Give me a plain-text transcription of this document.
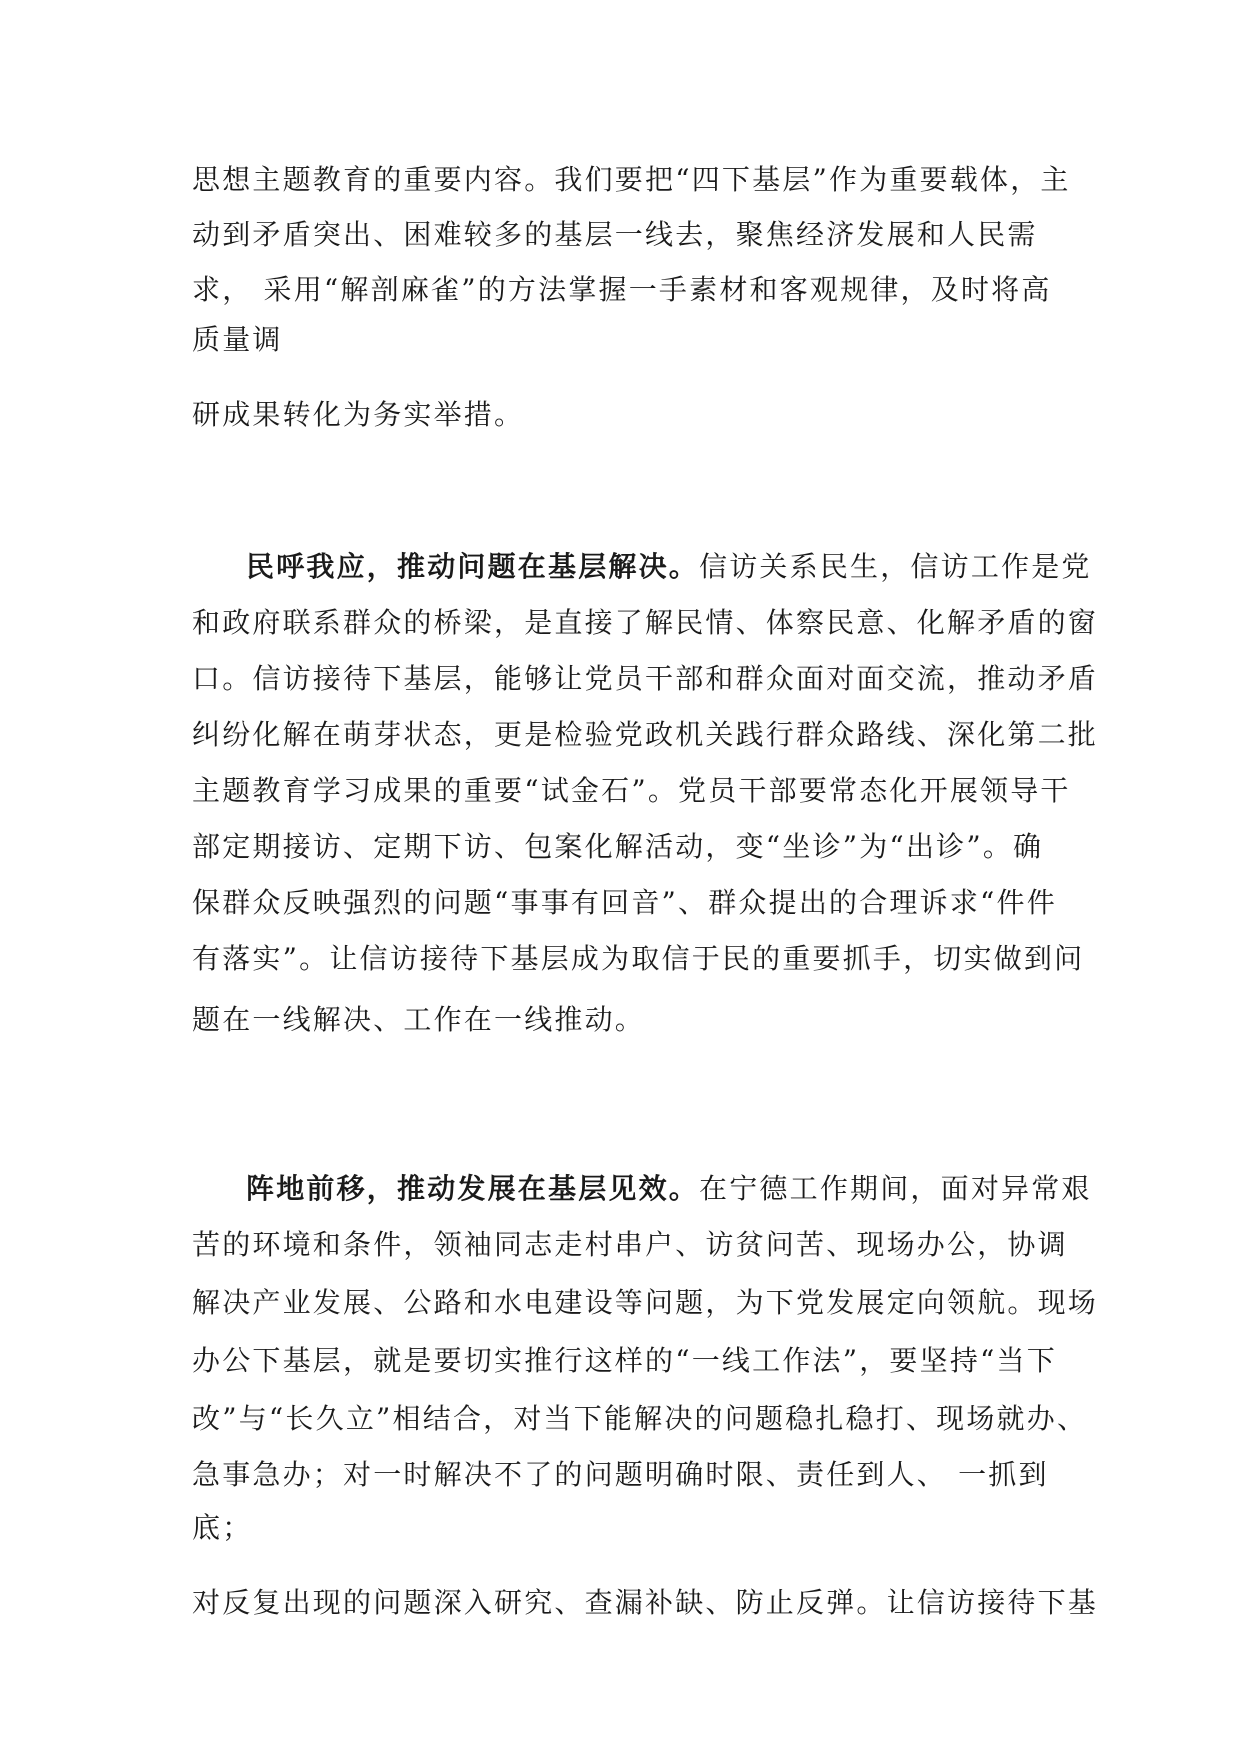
思想主题教育的重要内容。我们要把“四下基层”作为重要载体，主
动到矛盾突出、困难较多的基层一线去，聚焦经济发展和人民需
求， 采用“解剖麻雀”的方法掌握一手素材和客观规律，及时将高
质量调
研成果转化为务实举措。
民呼我应，推动问题在基层解决。信访关系民生，信访工作是党
和政府联系群众的桥梁，是直接了解民情、体察民意、化解矛盾的窗
口。信访接待下基层，能够让党员干部和群众面对面交流，推动矛盾
纠纷化解在萌芽状态，更是检验党政机关践行群众路线、深化第二批
主题教育学习成果的重要“试金石”。党员干部要常态化开展领导干
部定期接访、定期下访、包案化解活动，变“坐诊”为“出诊”。确
保群众反映强烈的问题“事事有回音”、群众提出的合理诉求“件件
有落实”。让信访接待下基层成为取信于民的重要抓手，切实做到问
题在一线解决、工作在一线推动。
阵地前移，推动发展在基层见效。在宁德工作期间，面对异常艰
苦的环境和条件，领袖同志走村串户、访贫问苦、现场办公，协调
解决产业发展、公路和水电建设等问题，为下党发展定向领航。现场
办公下基层，就是要切实推行这样的“一线工作法”，要坚持“当下
改”与“长久立”相结合，对当下能解决的问题稳扎稳打、现场就办、
急事急办；对一时解决不了的问题明确时限、责任到人、 一抓到
底；
对反复出现的问题深入研究、查漏补缺、防止反弹。让信访接待下基
